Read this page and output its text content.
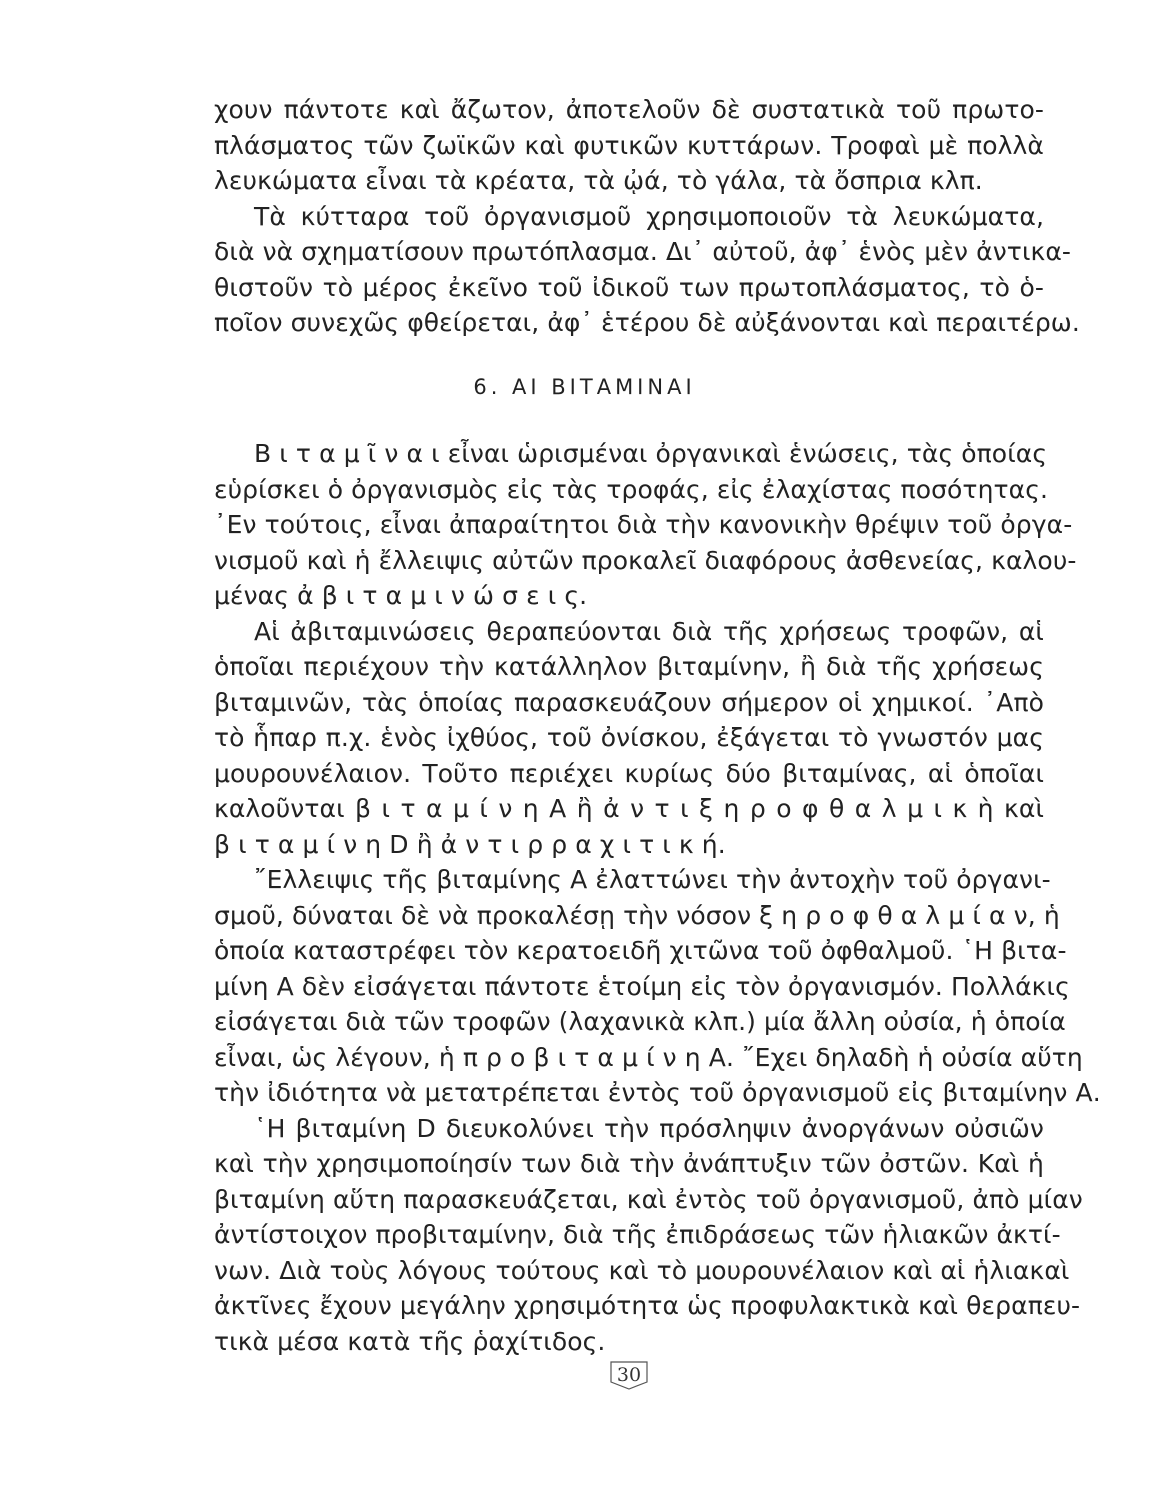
χουν πάντοτε καὶ ἄζωτον, ἀποτελοῦν δὲ συστατικὰ τοῦ πρωτο-
πλάσματος τῶν ζωϊκῶν καὶ φυτικῶν κυττάρων. Τροφαὶ μὲ πολλὰ
λευκώματα εἶναι τὰ κρέατα, τὰ ᾠά, τὸ γάλα, τὰ ὄσπρια κλπ.
Τὰ κύτταρα τοῦ ὀργανισμοῦ χρησιμοποιοῦν τὰ λευκώματα,
διὰ νὰ σχηματίσουν πρωτόπλασμα. Δι᾽ αὐτοῦ, ἀφ᾽ ἑνὸς μὲν ἀντικα-
θιστοῦν τὸ μέρος ἐκεῖνο τοῦ ἰδικοῦ των πρωτοπλάσματος, τὸ ὁ-
ποῖον συνεχῶς φθείρεται, ἀφ᾽ ἑτέρου δὲ αὐξάνονται καὶ περαιτέρω.
6. ΑΙ ΒΙΤΑΜΙΝΑΙ
Β ι τ α μ ῖ ν α ι εἶναι ὡρισμέναι ὀργανικαὶ ἑνώσεις, τὰς ὁποίας
εὑρίσκει ὁ ὀργανισμὸς εἰς τὰς τροφάς, εἰς ἐλαχίστας ποσότητας.
᾽Εν τούτοις, εἶναι ἀπαραίτητοι διὰ τὴν κανονικὴν θρέψιν τοῦ ὀργα-
νισμοῦ καὶ ἡ ἔλλειψις αὐτῶν προκαλεῖ διαφόρους ἀσθενείας, καλου-
μένας ἀ β ι τ α μ ι ν ώ σ ε ι ς.
Αἱ ἀβιταμινώσεις θεραπεύονται διὰ τῆς χρήσεως τροφῶν, αἱ
ὁποῖαι περιέχουν τὴν κατάλληλον βιταμίνην, ἢ διὰ τῆς χρήσεως
βιταμινῶν, τὰς ὁποίας παρασκευάζουν σήμερον οἱ χημικοί. ᾽Απὸ
τὸ ἧπαρ π.χ. ἑνὸς ἰχθύος, τοῦ ὀνίσκου, ἐξάγεται τὸ γνωστόν μας
μουρουνέλαιον. Τοῦτο περιέχει κυρίως δύο βιταμίνας, αἱ ὁποῖαι
καλοῦνται β ι τ α μ ί ν η Α ἢ ἀ ν τ ι ξ η ρ ο φ θ α λ μ ι κ ὴ καὶ
β ι τ α μ ί ν η D ἢ ἀ ν τ ι ρ ρ α χ ι τ ι κ ή.
῎Ελλειψις τῆς βιταμίνης Α ἐλαττώνει τὴν ἀντοχὴν τοῦ ὀργανι-
σμοῦ, δύναται δὲ νὰ προκαλέσῃ τὴν νόσον ξ η ρ ο φ θ α λ μ ί α ν, ἡ
ὁποία καταστρέφει τὸν κερατοειδῆ χιτῶνα τοῦ ὀφθαλμοῦ. ῾Η βιτα-
μίνη Α δὲν εἰσάγεται πάντοτε ἑτοίμη εἰς τὸν ὀργανισμόν. Πολλάκις
εἰσάγεται διὰ τῶν τροφῶν (λαχανικὰ κλπ.) μία ἄλλη οὐσία, ἡ ὁποία
εἶναι, ὡς λέγουν, ἡ π ρ ο β ι τ α μ ί ν η Α. ῎Εχει δηλαδὴ ἡ οὐσία αὕτη
τὴν ἰδιότητα νὰ μετατρέπεται ἐντὸς τοῦ ὀργανισμοῦ εἰς βιταμίνην Α.
῾Η βιταμίνη D διευκολύνει τὴν πρόσληψιν ἀνοργάνων οὐσιῶν
καὶ τὴν χρησιμοποίησίν των διὰ τὴν ἀνάπτυξιν τῶν ὀστῶν. Καὶ ἡ
βιταμίνη αὕτη παρασκευάζεται, καὶ ἐντὸς τοῦ ὀργανισμοῦ, ἀπὸ μίαν
ἀντίστοιχον προβιταμίνην, διὰ τῆς ἐπιδράσεως τῶν ἡλιακῶν ἀκτί-
νων. Διὰ τοὺς λόγους τούτους καὶ τὸ μουρουνέλαιον καὶ αἱ ἡλιακαὶ
ἀκτῖνες ἔχουν μεγάλην χρησιμότητα ὡς προφυλακτικὰ καὶ θεραπευ-
τικὰ μέσα κατὰ τῆς ῥαχίτιδος.
30
